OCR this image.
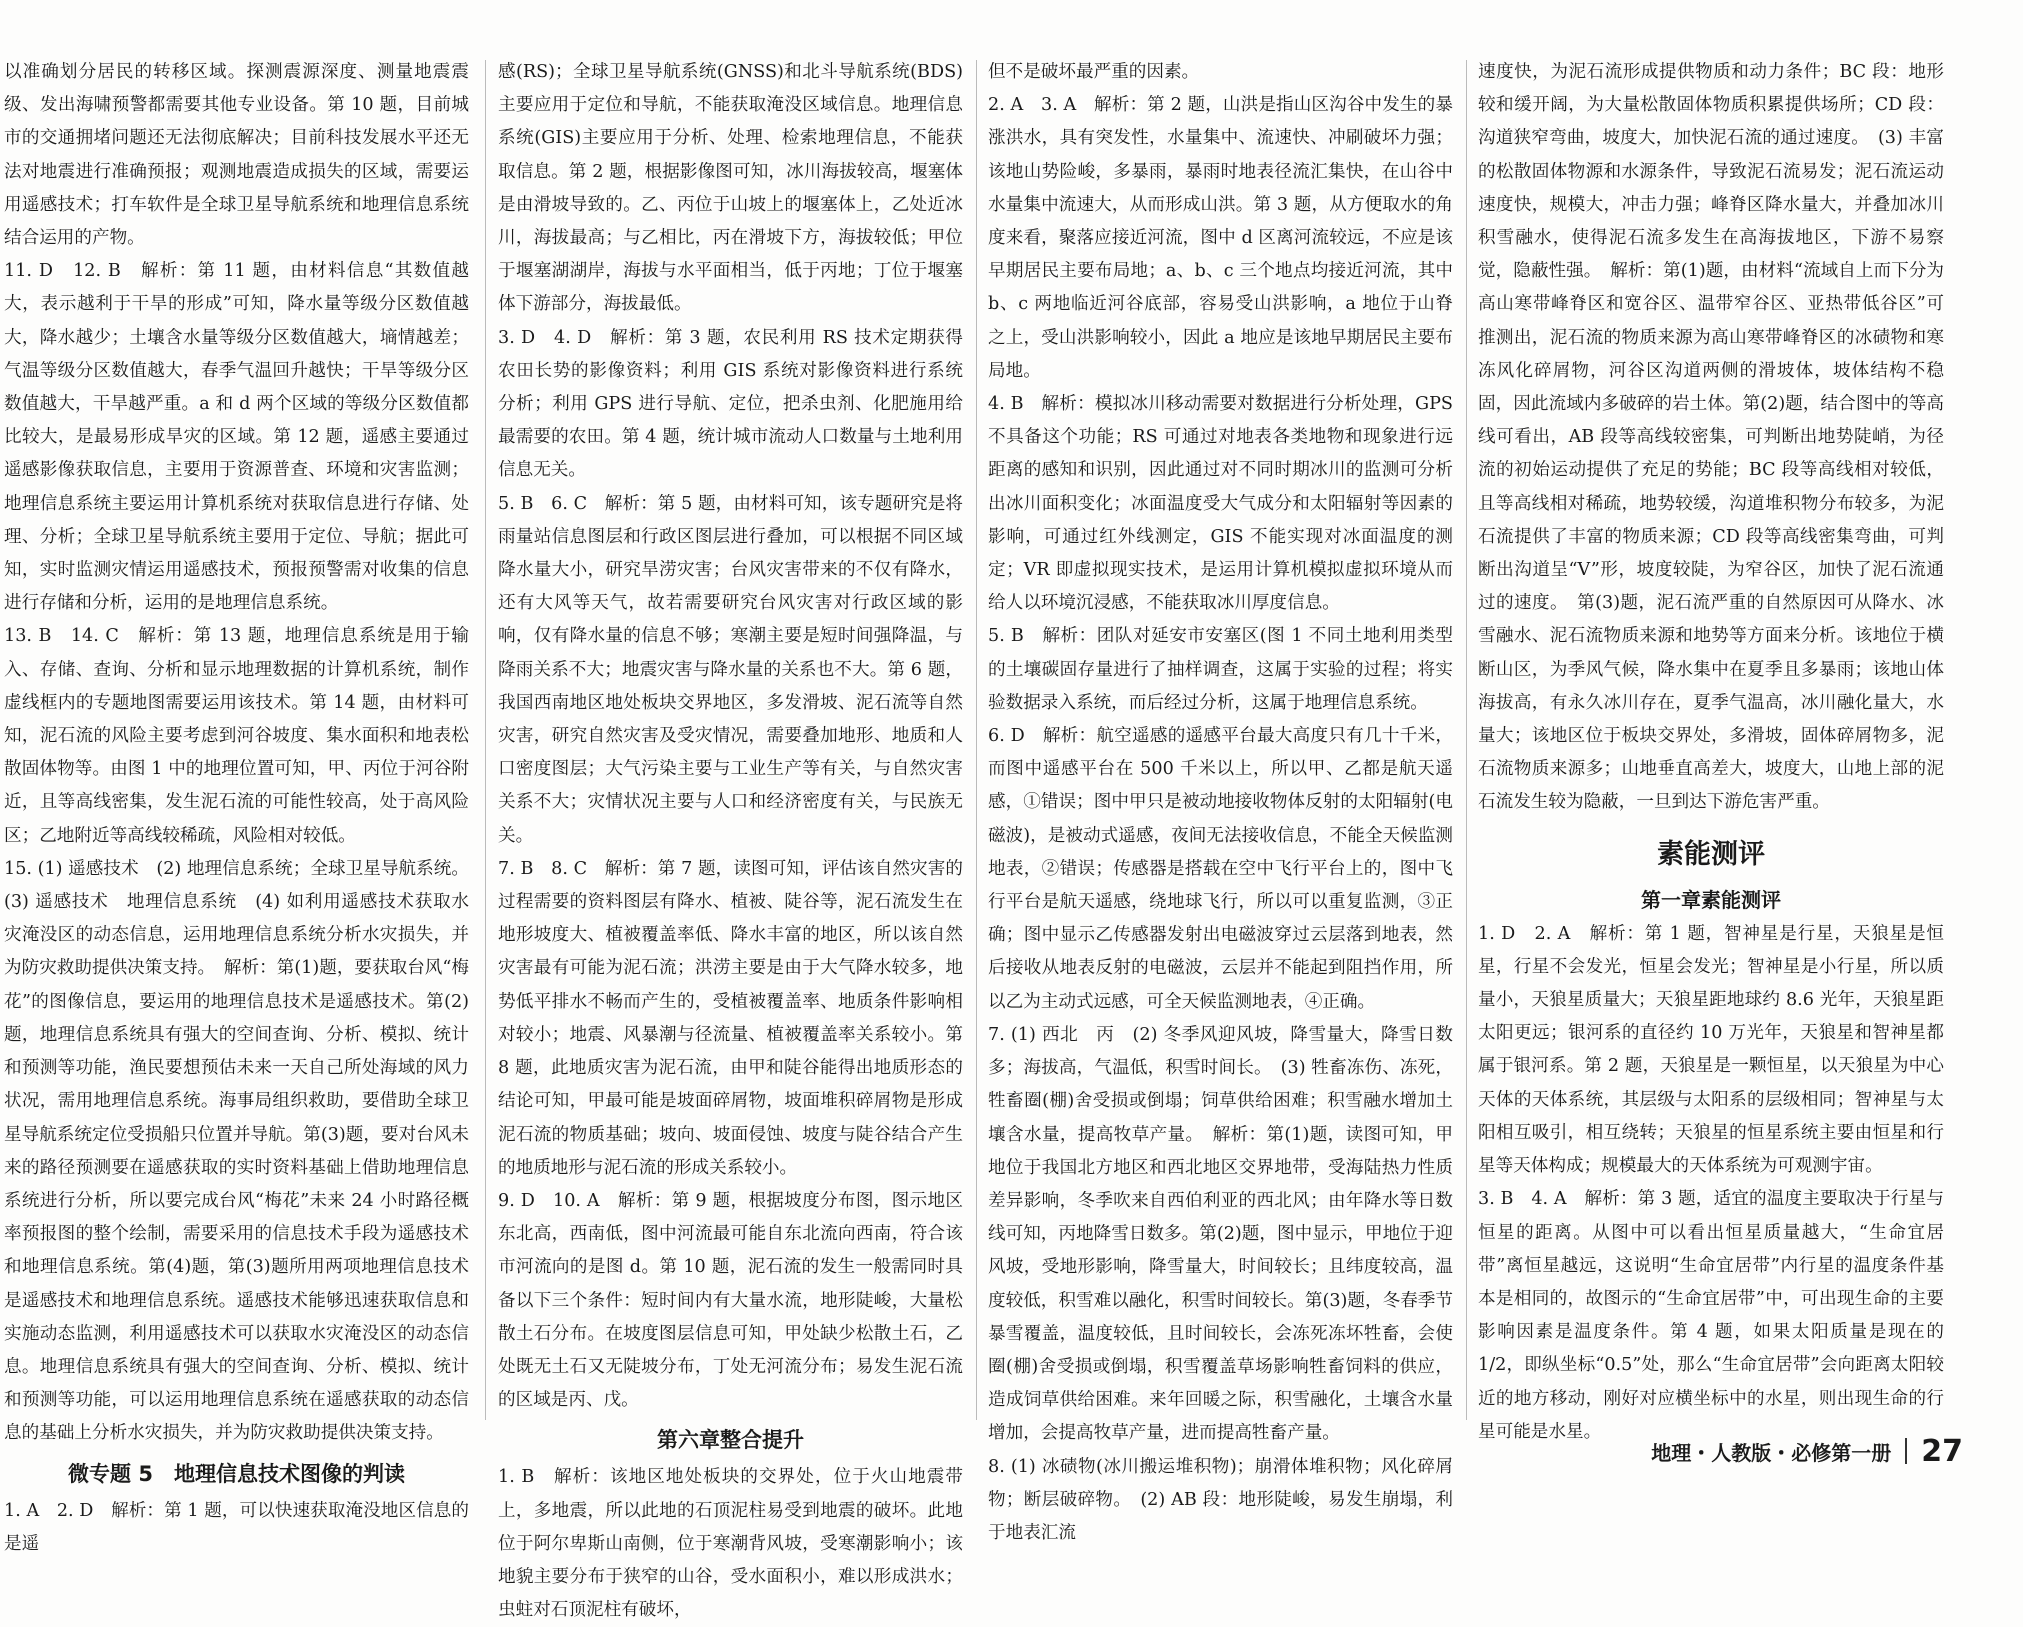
以准确划分居民的转移区域。探测震源深度、测量地震震级、发出海啸预警都需要其他专业设备。第 10 题，目前城市的交通拥堵问题还无法彻底解决；目前科技发展水平还无法对地震进行准确预报；观测地震造成损失的区域，需要运用遥感技术；打车软件是全球卫星导航系统和地理信息系统结合运用的产物。

11. D　12. B　解析：第 11 题，由材料信息“其数值越大，表示越利于干旱的形成”可知，降水量等级分区数值越大，降水越少；土壤含水量等级分区数值越大，墒情越差；气温等级分区数值越大，春季气温回升越快；干旱等级分区数值越大，干旱越严重。a 和 d 两个区域的等级分区数值都比较大，是最易形成旱灾的区域。第 12 题，遥感主要通过遥感影像获取信息，主要用于资源普查、环境和灾害监测；地理信息系统主要运用计算机系统对获取信息进行存储、处理、分析；全球卫星导航系统主要用于定位、导航；据此可知，实时监测灾情运用遥感技术，预报预警需对收集的信息进行存储和分析，运用的是地理信息系统。

13. B　14. C　解析：第 13 题，地理信息系统是用于输入、存储、查询、分析和显示地理数据的计算机系统，制作虚线框内的专题地图需要运用该技术。第 14 题，由材料可知，泥石流的风险主要考虑到河谷坡度、集水面积和地表松散固体物等。由图 1 中的地理位置可知，甲、丙位于河谷附近，且等高线密集，发生泥石流的可能性较高，处于高风险区；乙地附近等高线较稀疏，风险相对较低。

15. (1) 遥感技术　(2) 地理信息系统；全球卫星导航系统。(3) 遥感技术　地理信息系统　(4) 如利用遥感技术获取水灾淹没区的动态信息，运用地理信息系统分析水灾损失，并为防灾救助提供决策支持。　解析：第(1)题，要获取台风“梅花”的图像信息，要运用的地理信息技术是遥感技术。第(2)题，地理信息系统具有强大的空间查询、分析、模拟、统计和预测等功能，渔民要想预估未来一天自己所处海域的风力状况，需用地理信息系统。海事局组织救助，要借助全球卫星导航系统定位受损船只位置并导航。第(3)题，要对台风未来的路径预测要在遥感获取的实时资料基础上借助地理信息系统进行分析，所以要完成台风“梅花”未来 24 小时路径概率预报图的整个绘制，需要采用的信息技术手段为遥感技术和地理信息系统。第(4)题，第(3)题所用两项地理信息技术是遥感技术和地理信息系统。遥感技术能够迅速获取信息和实施动态监测，利用遥感技术可以获取水灾淹没区的动态信息。地理信息系统具有强大的空间查询、分析、模拟、统计和预测等功能，可以运用地理信息系统在遥感获取的动态信息的基础上分析水灾损失，并为防灾救助提供决策支持。

微专题 5　地理信息技术图像的判读

1. A　2. D　解析：第 1 题，可以快速获取淹没地区信息的是遥

感(RS)；全球卫星导航系统(GNSS)和北斗导航系统(BDS)主要应用于定位和导航，不能获取淹没区域信息。地理信息系统(GIS)主要应用于分析、处理、检索地理信息，不能获取信息。第 2 题，根据影像图可知，冰川海拔较高，堰塞体是由滑坡导致的。乙、丙位于山坡上的堰塞体上，乙处近冰川，海拔最高；与乙相比，丙在滑坡下方，海拔较低；甲位于堰塞湖湖岸，海拔与水平面相当，低于丙地；丁位于堰塞体下游部分，海拔最低。

3. D　4. D　解析：第 3 题，农民利用 RS 技术定期获得农田长势的影像资料；利用 GIS 系统对影像资料进行系统分析；利用 GPS 进行导航、定位，把杀虫剂、化肥施用给最需要的农田。第 4 题，统计城市流动人口数量与土地利用信息无关。

5. B　6. C　解析：第 5 题，由材料可知，该专题研究是将雨量站信息图层和行政区图层进行叠加，可以根据不同区域降水量大小，研究旱涝灾害；台风灾害带来的不仅有降水，还有大风等天气，故若需要研究台风灾害对行政区域的影响，仅有降水量的信息不够；寒潮主要是短时间强降温，与降雨关系不大；地震灾害与降水量的关系也不大。第 6 题，我国西南地区地处板块交界地区，多发滑坡、泥石流等自然灾害，研究自然灾害及受灾情况，需要叠加地形、地质和人口密度图层；大气污染主要与工业生产等有关，与自然灾害关系不大；灾情状况主要与人口和经济密度有关，与民族无关。

7. B　8. C　解析：第 7 题，读图可知，评估该自然灾害的过程需要的资料图层有降水、植被、陡谷等，泥石流发生在地形坡度大、植被覆盖率低、降水丰富的地区，所以该自然灾害最有可能为泥石流；洪涝主要是由于大气降水较多，地势低平排水不畅而产生的，受植被覆盖率、地质条件影响相对较小；地震、风暴潮与径流量、植被覆盖率关系较小。第 8 题，此地质灾害为泥石流，由甲和陡谷能得出地质形态的结论可知，甲最可能是坡面碎屑物，坡面堆积碎屑物是形成泥石流的物质基础；坡向、坡面侵蚀、坡度与陡谷结合产生的地质地形与泥石流的形成关系较小。

9. D　10. A　解析：第 9 题，根据坡度分布图，图示地区东北高，西南低，图中河流最可能自东北流向西南，符合该市河流向的是图 d。第 10 题，泥石流的发生一般需同时具备以下三个条件：短时间内有大量水流，地形陡峻，大量松散土石分布。在坡度图层信息可知，甲处缺少松散土石，乙处既无土石又无陡坡分布，丁处无河流分布；易发生泥石流的区域是丙、戊。

第六章整合提升

1. B　解析：该地区地处板块的交界处，位于火山地震带上，多地震，所以此地的石顶泥柱易受到地震的破坏。此地位于阿尔卑斯山南侧，位于寒潮背风坡，受寒潮影响小；该地貌主要分布于狭窄的山谷，受水面积小，难以形成洪水；虫蛀对石顶泥柱有破坏，

但不是破坏最严重的因素。

2. A　3. A　解析：第 2 题，山洪是指山区沟谷中发生的暴涨洪水，具有突发性，水量集中、流速快、冲刷破坏力强；该地山势险峻，多暴雨，暴雨时地表径流汇集快，在山谷中水量集中流速大，从而形成山洪。第 3 题，从方便取水的角度来看，聚落应接近河流，图中 d 区离河流较远，不应是该早期居民主要布局地；a、b、c 三个地点均接近河流，其中 b、c 两地临近河谷底部，容易受山洪影响，a 地位于山脊之上，受山洪影响较小，因此 a 地应是该地早期居民主要布局地。

4. B　解析：模拟冰川移动需要对数据进行分析处理，GPS 不具备这个功能；RS 可通过对地表各类地物和现象进行远距离的感知和识别，因此通过对不同时期冰川的监测可分析出冰川面积变化；冰面温度受大气成分和太阳辐射等因素的影响，可通过红外线测定，GIS 不能实现对冰面温度的测定；VR 即虚拟现实技术，是运用计算机模拟虚拟环境从而给人以环境沉浸感，不能获取冰川厚度信息。

5. B　解析：团队对延安市安塞区(图 1 不同土地利用类型的土壤碳固存量进行了抽样调查，这属于实验的过程；将实验数据录入系统，而后经过分析，这属于地理信息系统。

6. D　解析：航空遥感的遥感平台最大高度只有几十千米，而图中遥感平台在 500 千米以上，所以甲、乙都是航天遥感，①错误；图中甲只是被动地接收物体反射的太阳辐射(电磁波)，是被动式遥感，夜间无法接收信息，不能全天候监测地表，②错误；传感器是搭载在空中飞行平台上的，图中飞行平台是航天遥感，绕地球飞行，所以可以重复监测，③正确；图中显示乙传感器发射出电磁波穿过云层落到地表，然后接收从地表反射的电磁波，云层并不能起到阻挡作用，所以乙为主动式远感，可全天候监测地表，④正确。

7. (1) 西北　丙　(2) 冬季风迎风坡，降雪量大，降雪日数多；海拔高，气温低，积雪时间长。　(3) 牲畜冻伤、冻死，牲畜圈(棚)舍受损或倒塌；饲草供给困难；积雪融水增加土壤含水量，提高牧草产量。　解析：第(1)题，读图可知，甲地位于我国北方地区和西北地区交界地带，受海陆热力性质差异影响，冬季吹来自西伯利亚的西北风；由年降水等日数线可知，丙地降雪日数多。第(2)题，图中显示，甲地位于迎风坡，受地形影响，降雪量大，时间较长；且纬度较高，温度较低，积雪难以融化，积雪时间较长。第(3)题，冬春季节暴雪覆盖，温度较低，且时间较长，会冻死冻坏牲畜，会使圈(棚)舍受损或倒塌，积雪覆盖草场影响牲畜饲料的供应，造成饲草供给困难。来年回暖之际，积雪融化，土壤含水量增加，会提高牧草产量，进而提高牲畜产量。

8. (1) 冰碛物(冰川搬运堆积物)；崩滑体堆积物；风化碎屑物；断层破碎物。　(2) AB 段：地形陡峻，易发生崩塌，利于地表汇流

速度快，为泥石流形成提供物质和动力条件；BC 段：地形较和缓开阔，为大量松散固体物质积累提供场所；CD 段：沟道狭窄弯曲，坡度大，加快泥石流的通过速度。　(3) 丰富的松散固体物源和水源条件，导致泥石流易发；泥石流运动速度快，规模大，冲击力强；峰脊区降水量大，并叠加冰川积雪融水，使得泥石流多发生在高海拔地区，下游不易察觉，隐蔽性强。　解析：第(1)题，由材料“流域自上而下分为高山寒带峰脊区和宽谷区、温带窄谷区、亚热带低谷区”可推测出，泥石流的物质来源为高山寒带峰脊区的冰碛物和寒冻风化碎屑物，河谷区沟道两侧的滑坡体，坡体结构不稳固，因此流域内多破碎的岩土体。第(2)题，结合图中的等高线可看出，AB 段等高线较密集，可判断出地势陡峭，为径流的初始运动提供了充足的势能；BC 段等高线相对较低，且等高线相对稀疏，地势较缓，沟道堆积物分布较多，为泥石流提供了丰富的物质来源；CD 段等高线密集弯曲，可判断出沟道呈“V”形，坡度较陡，为窄谷区，加快了泥石流通过的速度。　第(3)题，泥石流严重的自然原因可从降水、冰雪融水、泥石流物质来源和地势等方面来分析。该地位于横断山区，为季风气候，降水集中在夏季且多暴雨；该地山体海拔高，有永久冰川存在，夏季气温高，冰川融化量大，水量大；该地区位于板块交界处，多滑坡，固体碎屑物多，泥石流物质来源多；山地垂直高差大，坡度大，山地上部的泥石流发生较为隐蔽，一旦到达下游危害严重。

素能测评
第一章素能测评

1. D　2. A　解析：第 1 题，智神星是行星，天狼星是恒星，行星不会发光，恒星会发光；智神星是小行星，所以质量小，天狼星质量大；天狼星距地球约 8.6 光年，天狼星距太阳更远；银河系的直径约 10 万光年，天狼星和智神星都属于银河系。第 2 题，天狼星是一颗恒星，以天狼星为中心天体的天体系统，其层级与太阳系的层级相同；智神星与太阳相互吸引，相互绕转；天狼星的恒星系统主要由恒星和行星等天体构成；规模最大的天体系统为可观测宇宙。

3. B　4. A　解析：第 3 题，适宜的温度主要取决于行星与恒星的距离。从图中可以看出恒星质量越大，“生命宜居带”离恒星越远，这说明“生命宜居带”内行星的温度条件基本是相同的，故图示的“生命宜居带”中，可出现生命的主要影响因素是温度条件。第 4 题，如果太阳质量是现在的 1/2，即纵坐标“0.5”处，那么“生命宜居带”会向距离太阳较近的地方移动，刚好对应横坐标中的水星，则出现生命的行星可能是水星。

地理・人教版・必修第一册 27
